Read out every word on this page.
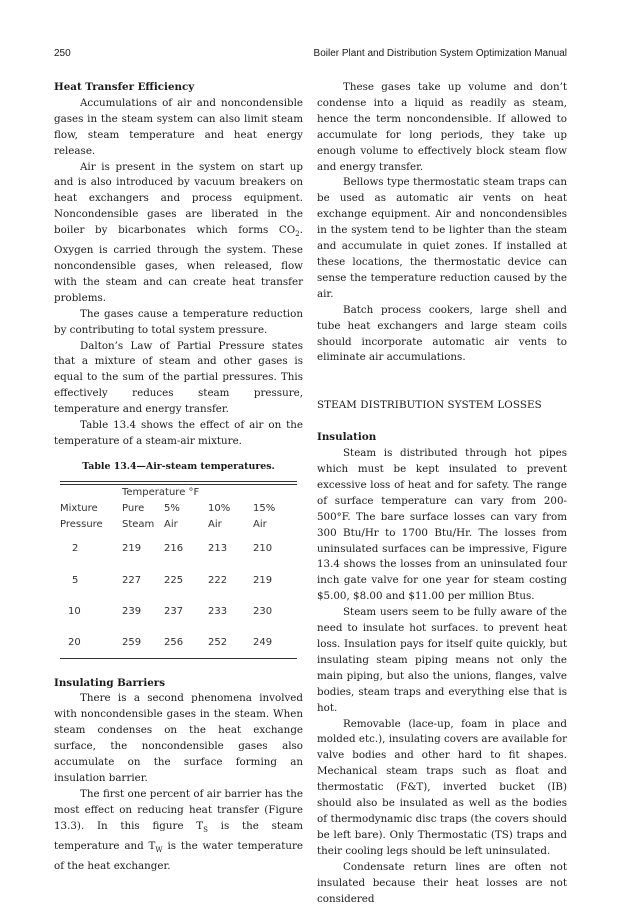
250	Boiler Plant and Distribution System Optimization Manual
Heat Transfer Efficiency

Accumulations of air and noncondensible gases in the steam system can also limit steam flow, steam temperature and heat energy release.

Air is present in the system on start up and is also introduced by vacuum breakers on heat exchangers and process equipment. Noncondensible gases are liberated in the boiler by bicarbonates which forms $CO_2$. Oxygen is carried through the system. These noncondensible gases, when released, flow with the steam and can create heat transfer problems.

The gases cause a temperature reduction by contributing to total system pressure.

Dalton’s Law of Partial Pressure states that a mixture of steam and other gases is equal to the sum of the partial pressures. This effectively reduces steam pressure, temperature and energy transfer.

Table 13.4 shows the effect of air on the temperature of a steam-air mixture.

Table 13.4—Air-steam temperatures.
	Temperature °F			
Mixture	Pure	5%	10%	15%
Pressure	Steam	Air	Air	Air
2	219	216	213	210
5	227	225	222	219
10	239	237	233	230
20	259	256	252	249
Insulating Barriers

There is a second phenomena involved with noncondensible gases in the steam. When steam condenses on the heat exchange surface, the noncondensible gases also accumulate on the surface forming an insulation barrier.

The first one percent of air barrier has the most effect on reducing heat transfer (Figure 13.3). In this figure $T_S$ is the steam temperature and $T_W$ is the water temperature of the heat exchanger.

These gases take up volume and don’t condense into a liquid as readily as steam, hence the term noncondensible. If allowed to accumulate for long periods, they take up enough volume to effectively block steam flow and energy transfer.

Bellows type thermostatic steam traps can be used as automatic air vents on heat exchange equipment. Air and noncondensibles in the system tend to be lighter than the steam and accumulate in quiet zones. If installed at these locations, the thermostatic device can sense the temperature reduction caused by the air.

Batch process cookers, large shell and tube heat exchangers and large steam coils should incorporate automatic air vents to eliminate air accumulations.

STEAM DISTRIBUTION SYSTEM LOSSES
Insulation

Steam is distributed through hot pipes which must be kept insulated to prevent excessive loss of heat and for safety. The range of surface temperature can vary from 200-500°F. The bare surface losses can vary from 300 Btu/Hr to 1700 Btu/Hr. The losses from uninsulated surfaces can be impressive, Figure 13.4 shows the losses from an uninsulated four inch gate valve for one year for steam costing $5.00, $8.00 and $11.00 per million Btus.

Steam users seem to be fully aware of the need to insulate hot surfaces. to prevent heat loss. Insulation pays for itself quite quickly, but insulating steam piping means not only the main piping, but also the unions, flanges, valve bodies, steam traps and everything else that is hot.

Removable (lace-up, foam in place and molded etc.), insulating covers are available for valve bodies and other hard to fit shapes. Mechanical steam traps such as float and thermostatic (F&T), inverted bucket (IB) should also be insulated as well as the bodies of thermodynamic disc traps (the covers should be left bare). Only Thermostatic (TS) traps and their cooling legs should be left uninsulated.

Condensate return lines are often not insulated because their heat losses are not considered
